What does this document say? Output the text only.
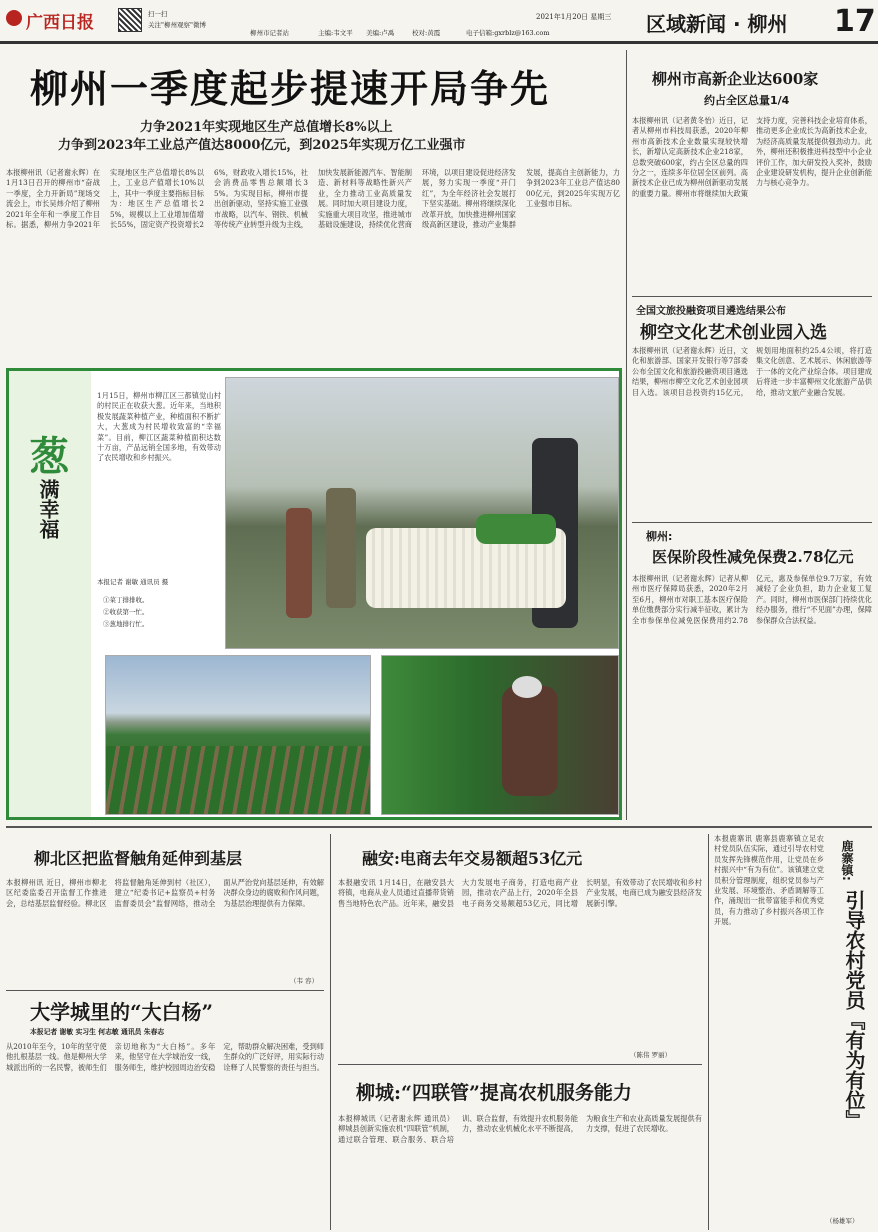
广西日报	扫一扫
关注"柳州观察"微博
柳州市记者站	主编:韦文平 美编:卢禹	校对:黄霞
2021年1月20日 星期三
电子信箱:gxrblz@163.com	区域新闻 · 柳州 17
柳州一季度起步提速开局争先
力争2021年实现地区生产总值增长8%以上
力争到2023年工业总产值达8000亿元，到2025年实现万亿工业强市
本报柳州讯（记者谢永辉）在1月13日召开的柳州市“奋战一季度，全力开新局”现场交流会上，市长吴炜介绍了柳州2021年全年和一季度工作目标。据悉，柳州力争2021年实现地区生产总值增长8%以上，工业总产值增长10%以上，其中一季度主要指标目标为：地区生产总值增长25%，规模以上工业增加值增长55%，固定资产投资增长26%，财政收入增长15%，社会消费品零售总额增长35%。为实现目标，柳州市提出创新驱动，坚持实施工业强市战略，以汽车、钢铁、机械等传统产业转型升级为主线，加快发展新能源汽车、智能制造、新材料等战略性新兴产业，全力推动工业高质量发展。同时加大项目建设力度，实施重大项目攻坚，推进城市基础设施建设，持续优化营商环境，以项目建设促进经济发展，努力实现一季度“开门红”，为全年经济社会发展打下坚实基础。柳州将继续深化改革开放，加快推进柳州国家级高新区建设，推动产业集群发展，提高自主创新能力，力争到2023年工业总产值达8000亿元，到2025年实现万亿工业强市目标。
柳州市高新企业达600家
约占全区总量1/4
本报柳州讯（记者黄冬怡）近日，记者从柳州市科技局获悉，2020年柳州市高新技术企业数量实现较快增长，新增认定高新技术企业218家，总数突破600家，约占全区总量的四分之一，连续多年位居全区前列。高新技术企业已成为柳州创新驱动发展的重要力量。柳州市将继续加大政策支持力度，完善科技企业培育体系，推动更多企业成长为高新技术企业，为经济高质量发展提供强劲动力。此外，柳州还积极推进科技型中小企业评价工作，加大研发投入奖补，鼓励企业建设研发机构，提升企业创新能力与核心竞争力。
全国文旅投融资项目遴选结果公布
柳空文化艺术创业园入选
本报柳州讯（记者谢永辉）近日，文化和旅游部、国家开发银行等7部委公布全国文化和旅游投融资项目遴选结果，柳州市柳空文化艺术创业园项目入选。该项目总投资约15亿元，规划用地面积约25.4公顷，将打造集文化创意、艺术展示、休闲旅游等于一体的文化产业综合体。项目建成后将进一步丰富柳州文化旅游产品供给，推动文旅产业融合发展。
柳州:
医保阶段性减免保费2.78亿元
本报柳州讯（记者谢永辉）记者从柳州市医疗保障局获悉，2020年2月至6月，柳州市对职工基本医疗保险单位缴费部分实行减半征收，累计为全市参保单位减免医保费用约2.78亿元，惠及参保单位9.7万家，有效减轻了企业负担，助力企业复工复产。同时，柳州市医保部门持续优化经办服务，推行“不见面”办理，保障参保群众合法权益。
葱
满幸福
1月15日，柳州市柳江区三都镇觉山村的村民正在收获大葱。近年来，当地积极发展蔬菜种植产业，种植面积不断扩大，大葱成为村民增收致富的“幸福菜”。目前，柳江区蔬菜种植面积达数十万亩，产品远销全国多地，有效带动了农民增收和乡村振兴。
本报记者 谢敏 通讯员 摄
①菜丁排排收。
②收获第一忙。
③葱地排行忙。
柳北区把监督触角延伸到基层
本报柳州讯 近日，柳州市柳北区纪委监委召开监督工作推进会，总结基层监督经验。柳北区将监督触角延伸到村（社区），建立“纪委书记+监察员+村务监督委员会”监督网络，推动全面从严治党向基层延伸，有效解决群众身边的腐败和作风问题，为基层治理提供有力保障。
（韦 容）
大学城里的“大白杨”
本报记者 谢敏 实习生 何志敏 通讯员 朱春志
从2010年至今，10年的坚守使他扎根基层一线。他是柳州大学城派出所的一名民警，被师生们亲切地称为“大白杨”。多年来，他坚守在大学城治安一线，服务师生，维护校园周边治安稳定，帮助群众解决困难，受到师生群众的广泛好评，用实际行动诠释了人民警察的责任与担当。
融安:电商去年交易额超53亿元
本报融安讯 1月14日，在融安县大将镇，电商从业人员通过直播带货销售当地特色农产品。近年来，融安县大力发展电子商务，打造电商产业园，推动农产品上行，2020年全县电子商务交易额超53亿元，同比增长明显，有效带动了农民增收和乡村产业发展，电商已成为融安县经济发展新引擎。
（陈伟 罗丽）
柳城:“四联管”提高农机服务能力
本报柳城讯（记者谢永辉 通讯员）柳城县创新实施农机“四联管”机制，通过联合管理、联合服务、联合培训、联合监督，有效提升农机服务能力，推动农业机械化水平不断提高，为粮食生产和农业高质量发展提供有力支撑，促进了农民增收。
本报鹿寨讯 鹿寨县鹿寨镇立足农村党员队伍实际，通过引导农村党员发挥先锋模范作用，让党员在乡村振兴中“有为有位”。该镇建立党员积分管理制度，组织党员参与产业发展、环境整治、矛盾调解等工作，涌现出一批带富能手和优秀党员，有力推动了乡村振兴各项工作开展。
鹿寨镇:
引导农村党员『有为有位』
（杨雄军）
